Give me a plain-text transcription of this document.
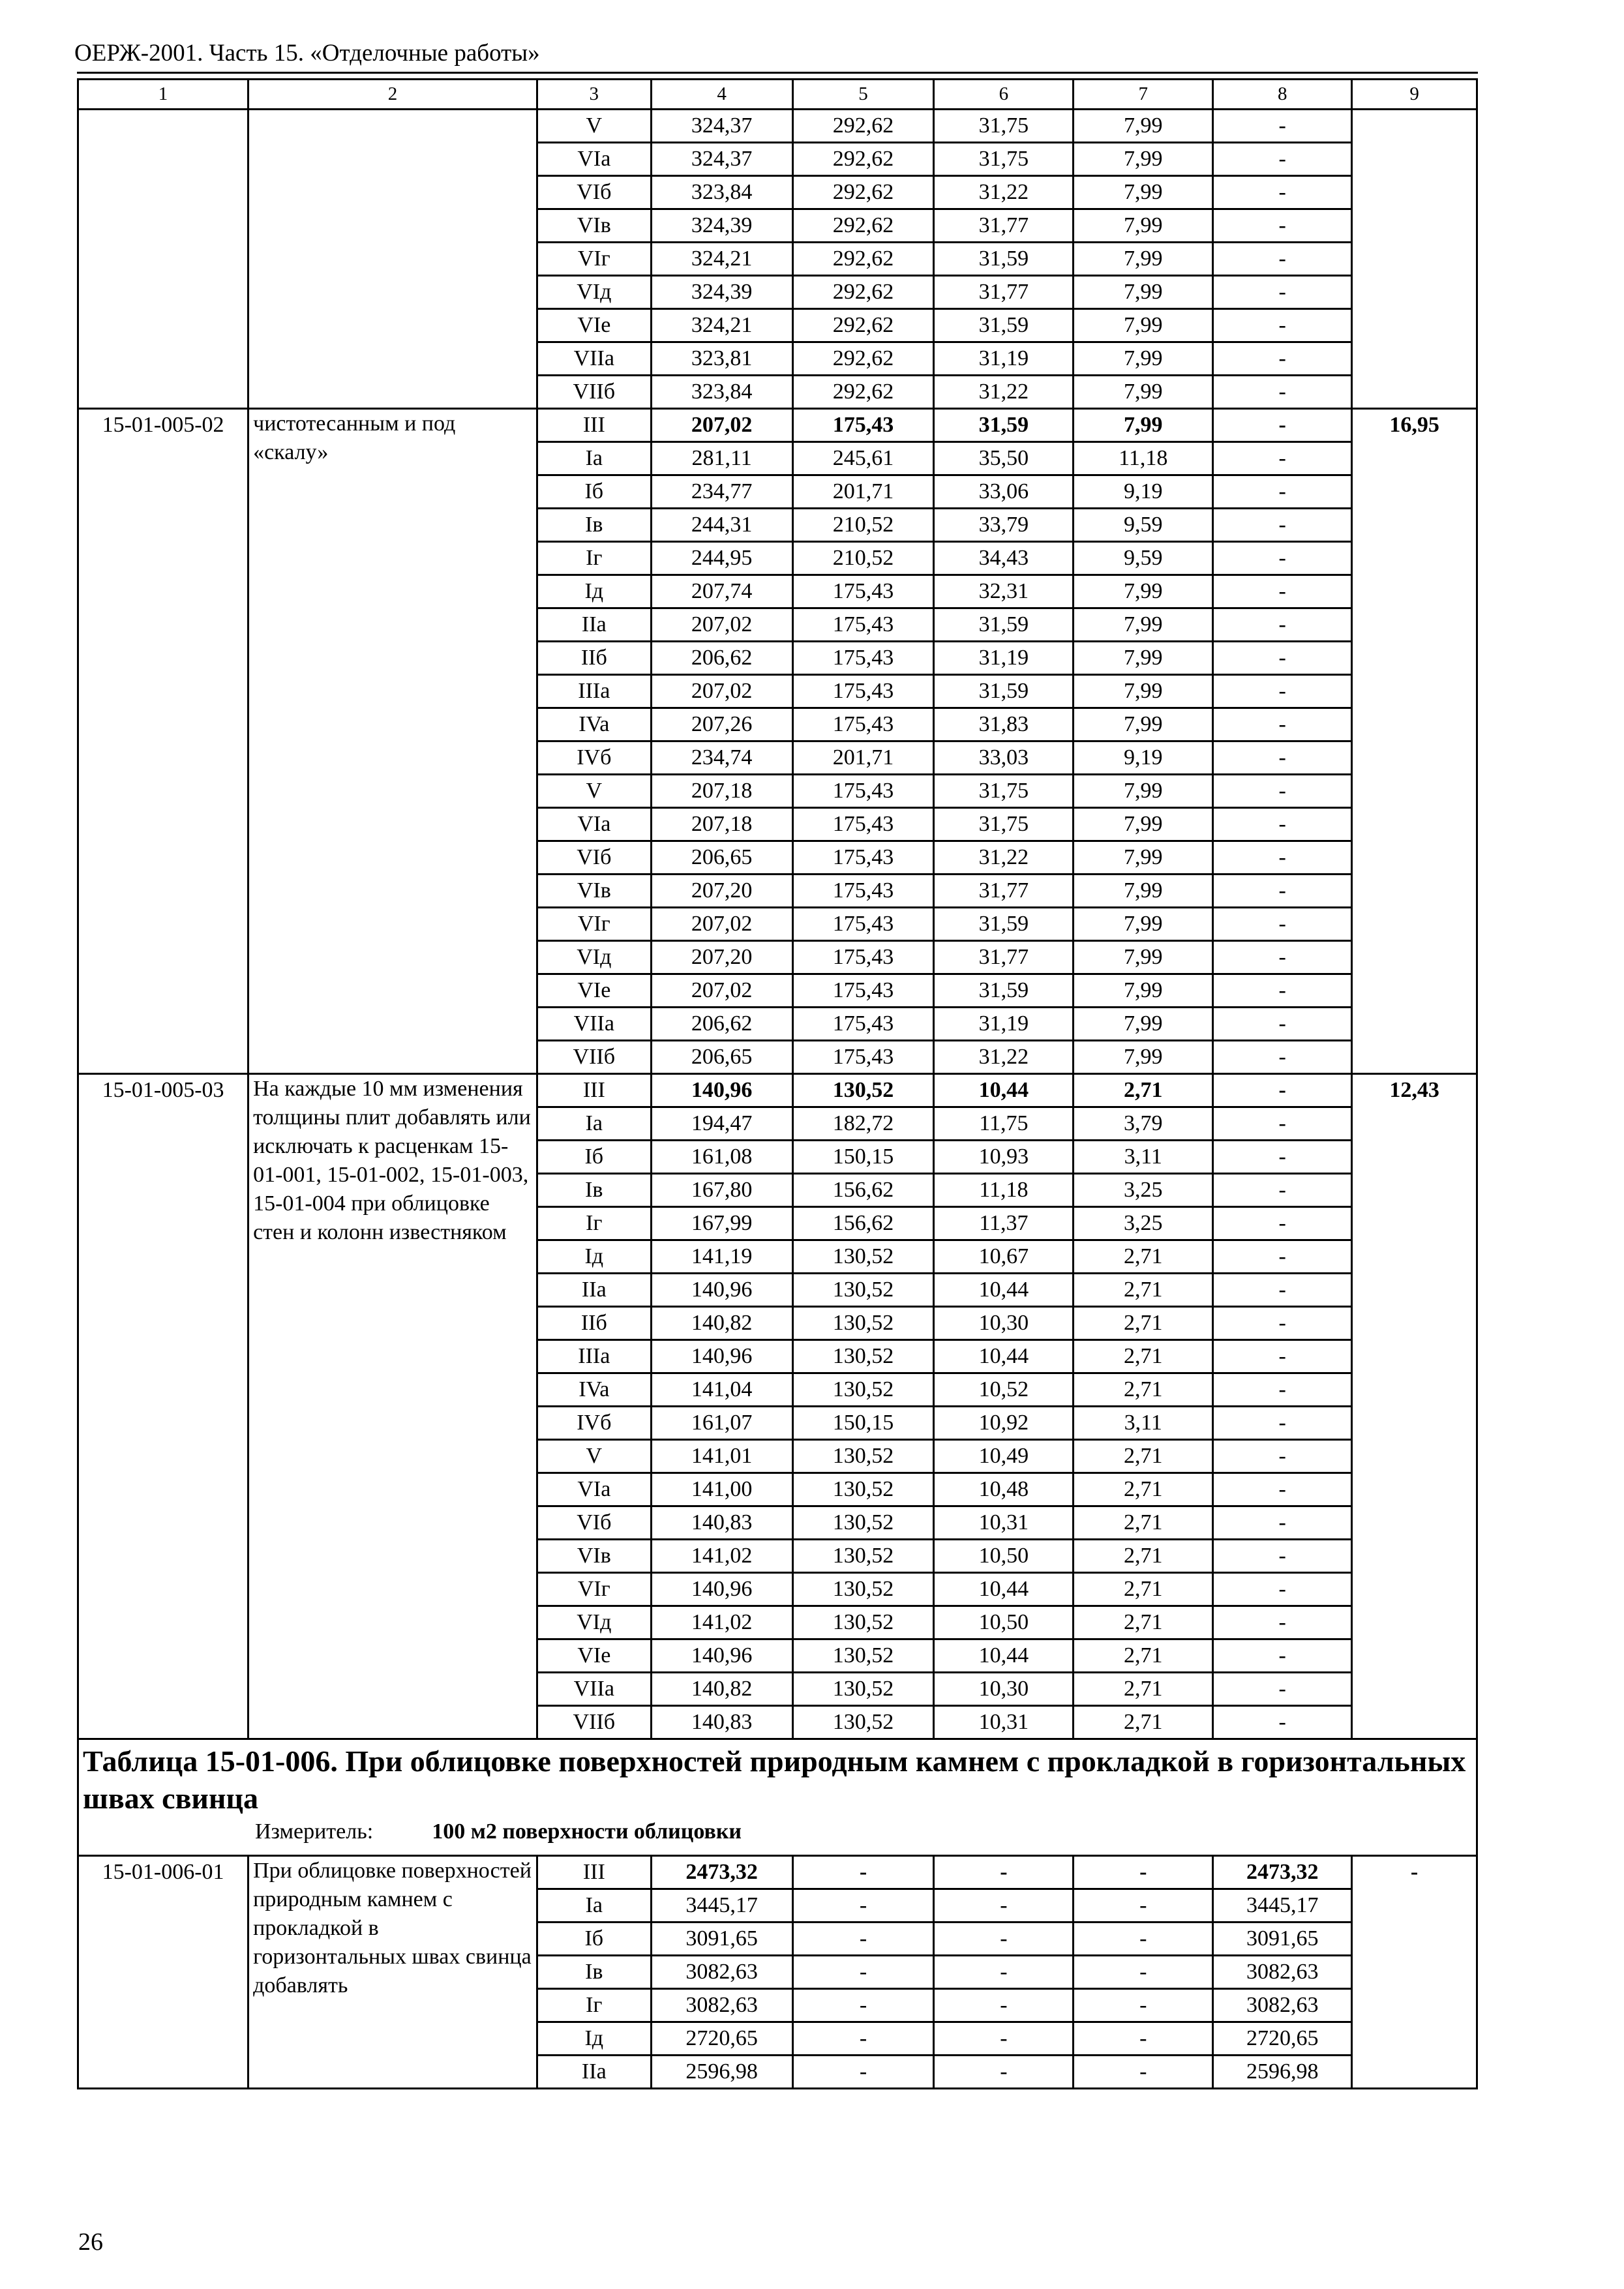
ОЕРЖ-2001. Часть 15. «Отделочные работы»
1	2	3	4	5	6	7	8	9
		V	324,37	292,62	31,75	7,99	-	
		VIa	324,37	292,62	31,75	7,99	-	
		VIб	323,84	292,62	31,22	7,99	-	
		VIв	324,39	292,62	31,77	7,99	-	
		VIг	324,21	292,62	31,59	7,99	-	
		VIд	324,39	292,62	31,77	7,99	-	
		VIe	324,21	292,62	31,59	7,99	-	
		VIIa	323,81	292,62	31,19	7,99	-	
		VIIб	323,84	292,62	31,22	7,99	-	
15-01-005-02	чистотесанным и под «скалу»	III	207,02	175,43	31,59	7,99	-	16,95
		Ia	281,11	245,61	35,50	11,18	-	
		Iб	234,77	201,71	33,06	9,19	-	
		Iв	244,31	210,52	33,79	9,59	-	
		Iг	244,95	210,52	34,43	9,59	-	
		Iд	207,74	175,43	32,31	7,99	-	
		IIa	207,02	175,43	31,59	7,99	-	
		IIб	206,62	175,43	31,19	7,99	-	
		IIIa	207,02	175,43	31,59	7,99	-	
		IVa	207,26	175,43	31,83	7,99	-	
		IVб	234,74	201,71	33,03	9,19	-	
		V	207,18	175,43	31,75	7,99	-	
		VIa	207,18	175,43	31,75	7,99	-	
		VIб	206,65	175,43	31,22	7,99	-	
		VIв	207,20	175,43	31,77	7,99	-	
		VIг	207,02	175,43	31,59	7,99	-	
		VIд	207,20	175,43	31,77	7,99	-	
		VIe	207,02	175,43	31,59	7,99	-	
		VIIa	206,62	175,43	31,19	7,99	-	
		VIIб	206,65	175,43	31,22	7,99	-	
15-01-005-03	На каждые 10 мм изменения толщины плит добавлять или исключать к расценкам 15-01-001, 15-01-002, 15-01-003, 15-01-004 при облицовке стен и колонн известняком	III	140,96	130,52	10,44	2,71	-	12,43
		Ia	194,47	182,72	11,75	3,79	-	
		Iб	161,08	150,15	10,93	3,11	-	
		Iв	167,80	156,62	11,18	3,25	-	
		Iг	167,99	156,62	11,37	3,25	-	
		Iд	141,19	130,52	10,67	2,71	-	
		IIa	140,96	130,52	10,44	2,71	-	
		IIб	140,82	130,52	10,30	2,71	-	
		IIIa	140,96	130,52	10,44	2,71	-	
		IVa	141,04	130,52	10,52	2,71	-	
		IVб	161,07	150,15	10,92	3,11	-	
		V	141,01	130,52	10,49	2,71	-	
		VIa	141,00	130,52	10,48	2,71	-	
		VIб	140,83	130,52	10,31	2,71	-	
		VIв	141,02	130,52	10,50	2,71	-	
		VIг	140,96	130,52	10,44	2,71	-	
		VIд	141,02	130,52	10,50	2,71	-	
		VIe	140,96	130,52	10,44	2,71	-	
		VIIa	140,82	130,52	10,30	2,71	-	
		VIIб	140,83	130,52	10,31	2,71	-	

Таблица 15-01-006. При облицовке поверхностей природным камнем с прокладкой в горизонтальных швах свинца
Измеритель: 100 м2 поверхности облицовки								

15-01-006-01	При облицовке поверхностей природным камнем с прокладкой в горизонтальных швах свинца добавлять	III	2473,32	-	-	-	2473,32	-
		Ia	3445,17	-	-	-	3445,17	
		Iб	3091,65	-	-	-	3091,65	
		Iв	3082,63	-	-	-	3082,63	
		Iг	3082,63	-	-	-	3082,63	
		Iд	2720,65	-	-	-	2720,65	
		IIa	2596,98	-	-	-	2596,98	
26
